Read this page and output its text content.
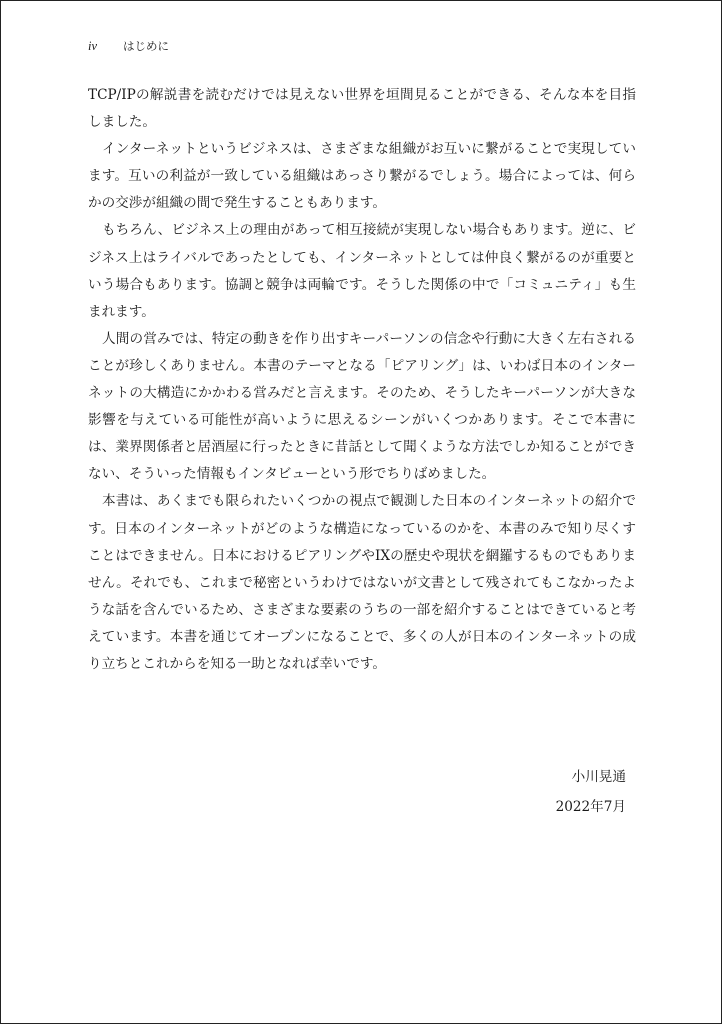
iv はじめに

TCP/IPの解説書を読むだけでは見えない世界を垣間見ることができる、そんな本を目指しました。

インターネットというビジネスは、さまざまな組織がお互いに繋がることで実現しています。互いの利益が一致している組織はあっさり繋がるでしょう。場合によっては、何らかの交渉が組織の間で発生することもあります。

もちろん、ビジネス上の理由があって相互接続が実現しない場合もあります。逆に、ビジネス上はライバルであったとしても、インターネットとしては仲良く繋がるのが重要という場合もあります。協調と競争は両輪です。そうした関係の中で「コミュニティ」も生まれます。

人間の営みでは、特定の動きを作り出すキーパーソンの信念や行動に大きく左右されることが珍しくありません。本書のテーマとなる「ピアリング」は、いわば日本のインターネットの大構造にかかわる営みだと言えます。そのため、そうしたキーパーソンが大きな影響を与えている可能性が高いように思えるシーンがいくつかあります。そこで本書には、業界関係者と居酒屋に行ったときに昔話として聞くような方法でしか知ることができない、そういった情報もインタビューという形でちりばめました。

本書は、あくまでも限られたいくつかの視点で観測した日本のインターネットの紹介です。日本のインターネットがどのような構造になっているのかを、本書のみで知り尽くすことはできません。日本におけるピアリングやIXの歴史や現状を網羅するものでもありません。それでも、これまで秘密というわけではないが文書として残されてもこなかったような話を含んでいるため、さまざまな要素のうちの一部を紹介することはできていると考えています。本書を通じてオープンになることで、多くの人が日本のインターネットの成り立ちとこれからを知る一助となれば幸いです。

小川晃通
2022年7月
